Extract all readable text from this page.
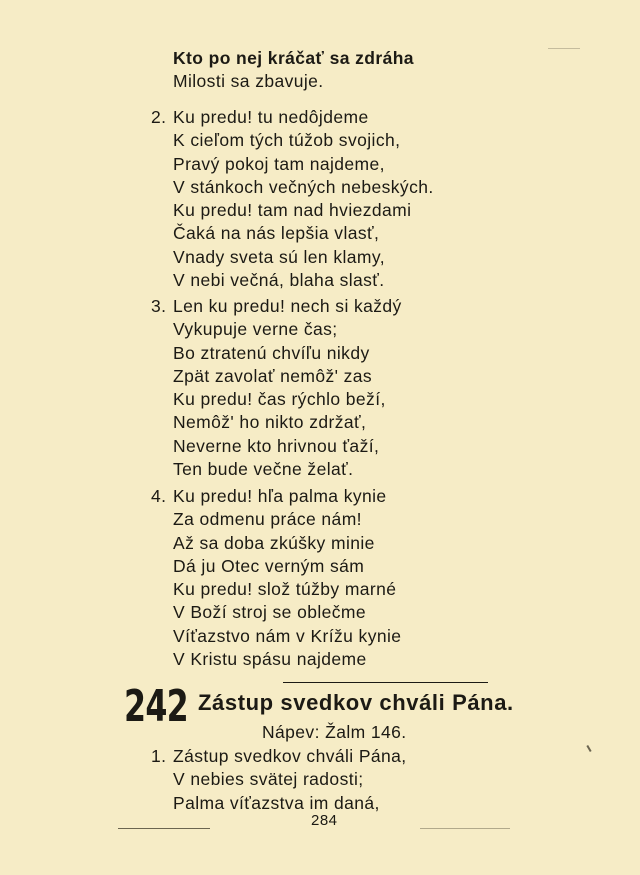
Kto po nej kráčať sa zdráha
Milosti sa zbavuje.
2. Ku predu! tu nedôjdeme
K cieľom tých túžob svojich,
Pravý pokoj tam najdeme,
V stánkoch večných nebeských.
Ku predu! tam nad hviezdami
Čaká na nás lepšia vlasť,
Vnady sveta sú len klamy,
V nebi večná, blaha slasť.
3. Len ku predu! nech si každý
Vykupuje verne čas;
Bo ztratenú chvíľu nikdy
Zpät zavolať nemôž' zas
Ku predu! čas rýchlo beží,
Nemôž' ho nikto zdržať,
Neverne kto hrivnou ťaží,
Ten bude večne želať.
4. Ku predu! hľa palma kynie
Za odmenu práce nám!
Až sa doba zkúšky minie
Dá ju Otec verným sám
Ku predu! slož túžby marné
V Boží stroj se oblečme
Víťazstvo nám v Krížu kynie
V Kristu spásu najdeme
242 Zástup svedkov chváli Pána.
Nápev: Žalm 146.
1. Zástup svedkov chváli Pána,
V nebies svätej radosti;
Palma víťazstva im daná,
284
